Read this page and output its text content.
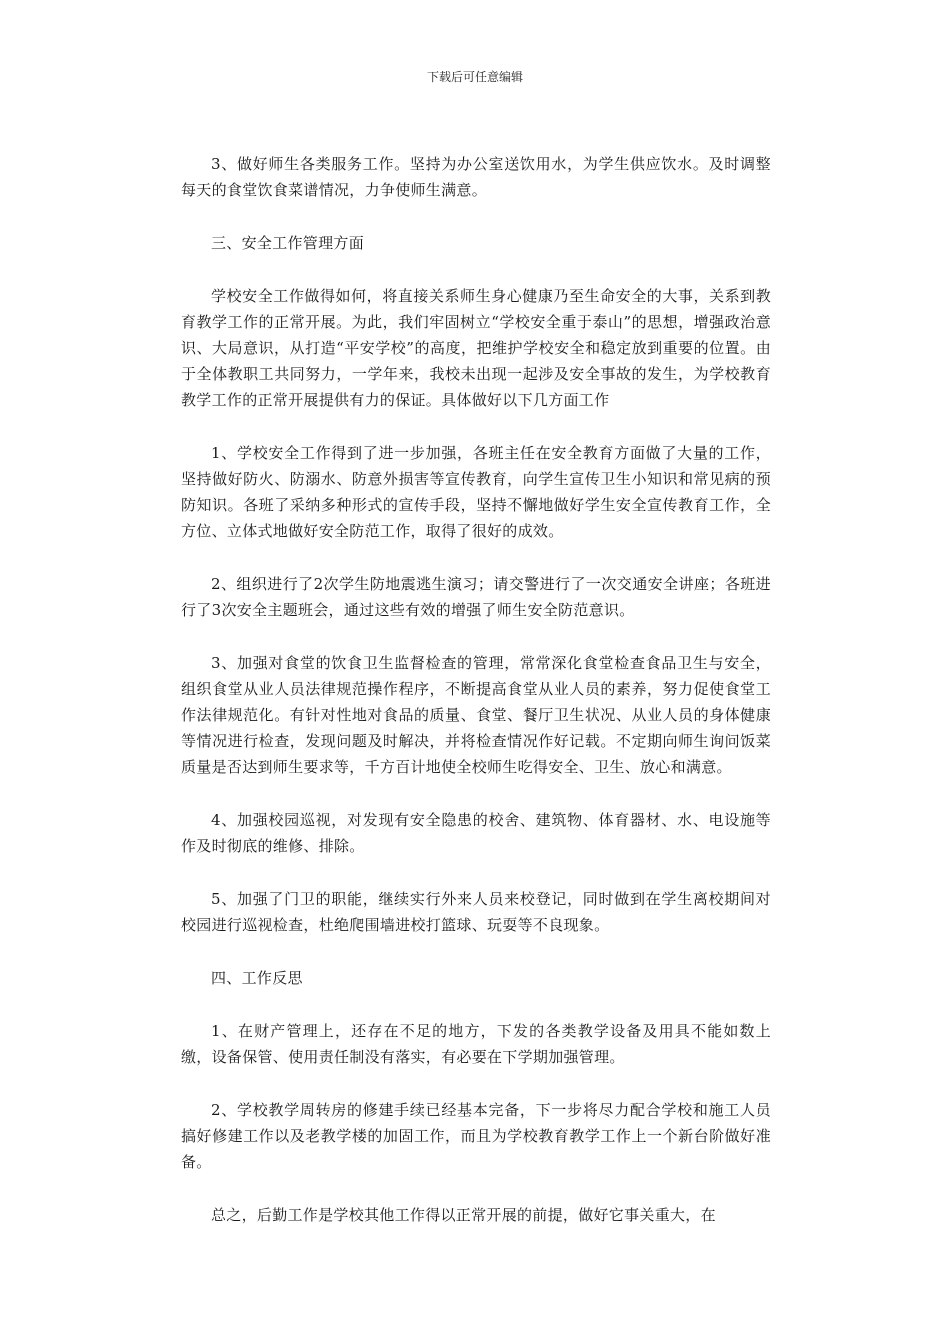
下载后可任意编辑

3、做好师生各类服务工作。坚持为办公室送饮用水，为学生供应饮水。及时调整每天的食堂饮食菜谱情况，力争使师生满意。

三、安全工作管理方面

学校安全工作做得如何，将直接关系师生身心健康乃至生命安全的大事，关系到教育教学工作的正常开展。为此，我们牢固树立“学校安全重于泰山”的思想，增强政治意识、大局意识，从打造“平安学校”的高度，把维护学校安全和稳定放到重要的位置。由于全体教职工共同努力，一学年来，我校未出现一起涉及安全事故的发生，为学校教育教学工作的正常开展提供有力的保证。具体做好以下几方面工作

1、学校安全工作得到了进一步加强，各班主任在安全教育方面做了大量的工作，坚持做好防火、防溺水、防意外损害等宣传教育，向学生宣传卫生小知识和常见病的预防知识。各班了采纳多种形式的宣传手段，坚持不懈地做好学生安全宣传教育工作，全方位、立体式地做好安全防范工作，取得了很好的成效。

2、组织进行了2次学生防地震逃生演习；请交警进行了一次交通安全讲座；各班进行了3次安全主题班会，通过这些有效的增强了师生安全防范意识。

3、加强对食堂的饮食卫生监督检查的管理，常常深化食堂检查食品卫生与安全，组织食堂从业人员法律规范操作程序，不断提高食堂从业人员的素养，努力促使食堂工作法律规范化。有针对性地对食品的质量、食堂、餐厅卫生状况、从业人员的身体健康等情况进行检查，发现问题及时解决，并将检查情况作好记载。不定期向师生询问饭菜质量是否达到师生要求等，千方百计地使全校师生吃得安全、卫生、放心和满意。

4、加强校园巡视，对发现有安全隐患的校舍、建筑物、体育器材、水、电设施等作及时彻底的维修、排除。

5、加强了门卫的职能，继续实行外来人员来校登记，同时做到在学生离校期间对校园进行巡视检查，杜绝爬围墙进校打篮球、玩耍等不良现象。

四、工作反思

1、在财产管理上，还存在不足的地方，下发的各类教学设备及用具不能如数上缴，设备保管、使用责任制没有落实，有必要在下学期加强管理。

2、学校教学周转房的修建手续已经基本完备，下一步将尽力配合学校和施工人员搞好修建工作以及老教学楼的加固工作，而且为学校教育教学工作上一个新台阶做好准备。

总之，后勤工作是学校其他工作得以正常开展的前提，做好它事关重大，在
